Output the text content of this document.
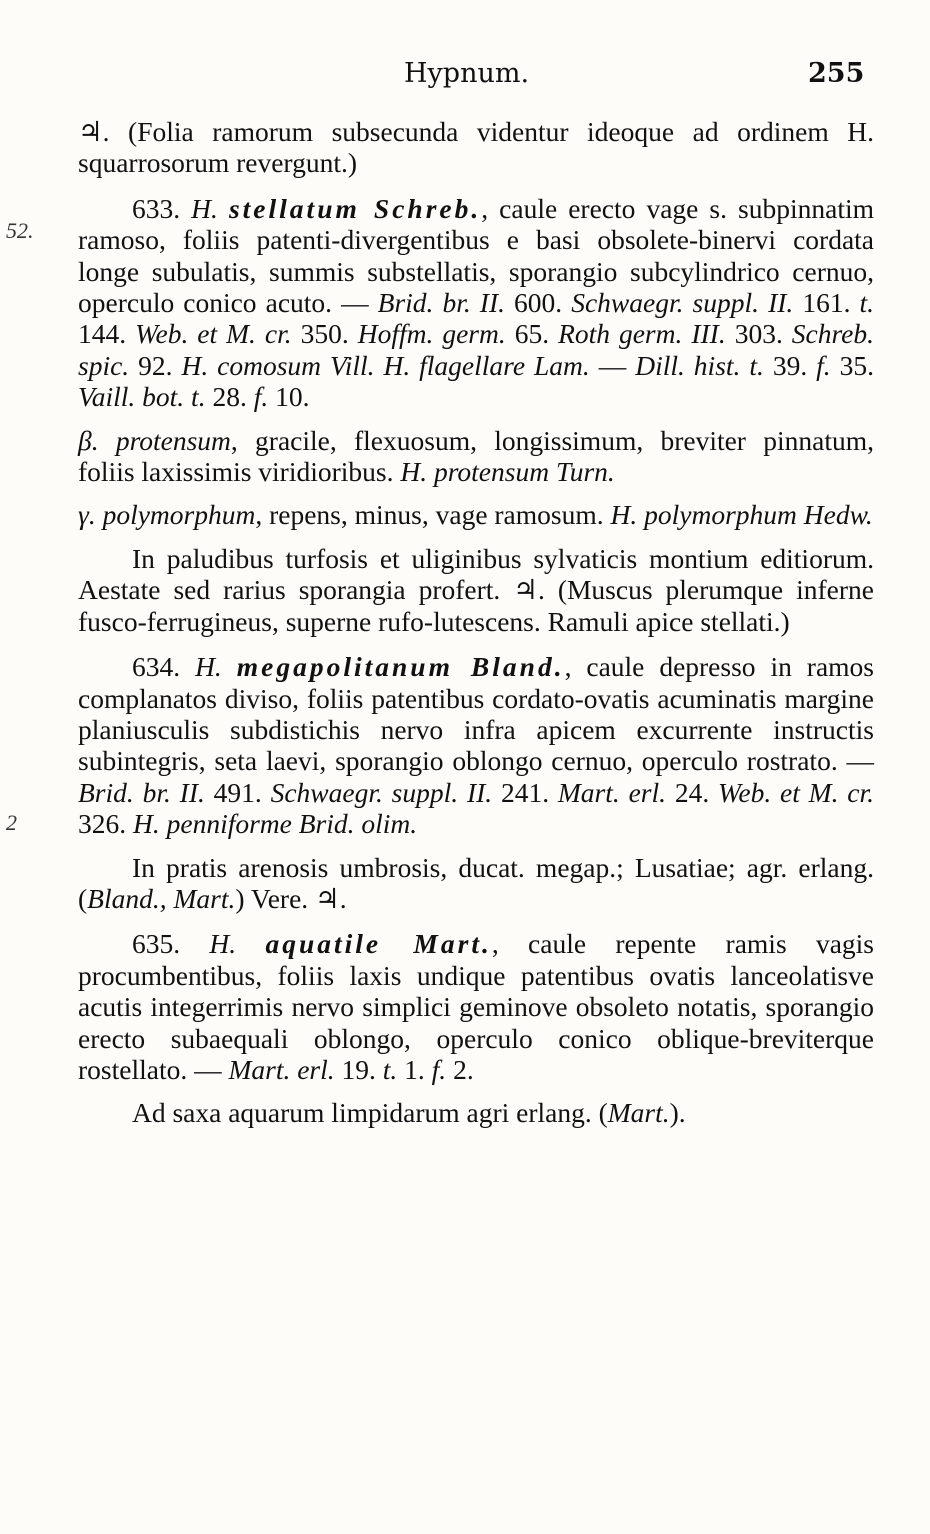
Hypnum.	255
52.
2
♃. (Folia ramorum subsecunda videntur ideoque ad ordinem H. squarrosorum revergunt.)
633. H. stellatum Schreb., caule erecto vage s. subpinnatim ramoso, foliis patenti-divergentibus e basi obsolete-binervi cordata longe subulatis, summis substellatis, sporangio subcylindrico cernuo, operculo conico acuto. — Brid. br. II. 600. Schwaegr. suppl. II. 161. t. 144. Web. et M. cr. 350. Hoffm. germ. 65. Roth germ. III. 303. Schreb. spic. 92. H. comosum Vill. H. flagellare Lam. — Dill. hist. t. 39. f. 35. Vaill. bot. t. 28. f. 10.
β. protensum, gracile, flexuosum, longissimum, breviter pinnatum, foliis laxissimis viridioribus. H. protensum Turn.
γ. polymorphum, repens, minus, vage ramosum. H. polymorphum Hedw.
In paludibus turfosis et uliginibus sylvaticis montium editiorum. Aestate sed rarius sporangia profert. ♃. (Muscus plerumque inferne fusco-ferrugineus, superne rufo-lutescens. Ramuli apice stellati.)
634. H. megapolitanum Bland., caule depresso in ramos complanatos diviso, foliis patentibus cordato-ovatis acuminatis margine planiusculis subdistichis nervo infra apicem excurrente instructis subintegris, seta laevi, sporangio oblongo cernuo, operculo rostrato. — Brid. br. II. 491. Schwaegr. suppl. II. 241. Mart. erl. 24. Web. et M. cr. 326. H. penniforme Brid. olim.
In pratis arenosis umbrosis, ducat. megap.; Lusatiae; agr. erlang. (Bland., Mart.) Vere. ♃.
635. H. aquatile Mart., caule repente ramis vagis procumbentibus, foliis laxis undique patentibus ovatis lanceolatisve acutis integerrimis nervo simplici geminove obsoleto notatis, sporangio erecto subaequali oblongo, operculo conico oblique-breviterque rostellato. — Mart. erl. 19. t. 1. f. 2.
Ad saxa aquarum limpidarum agri erlang. (Mart.).
